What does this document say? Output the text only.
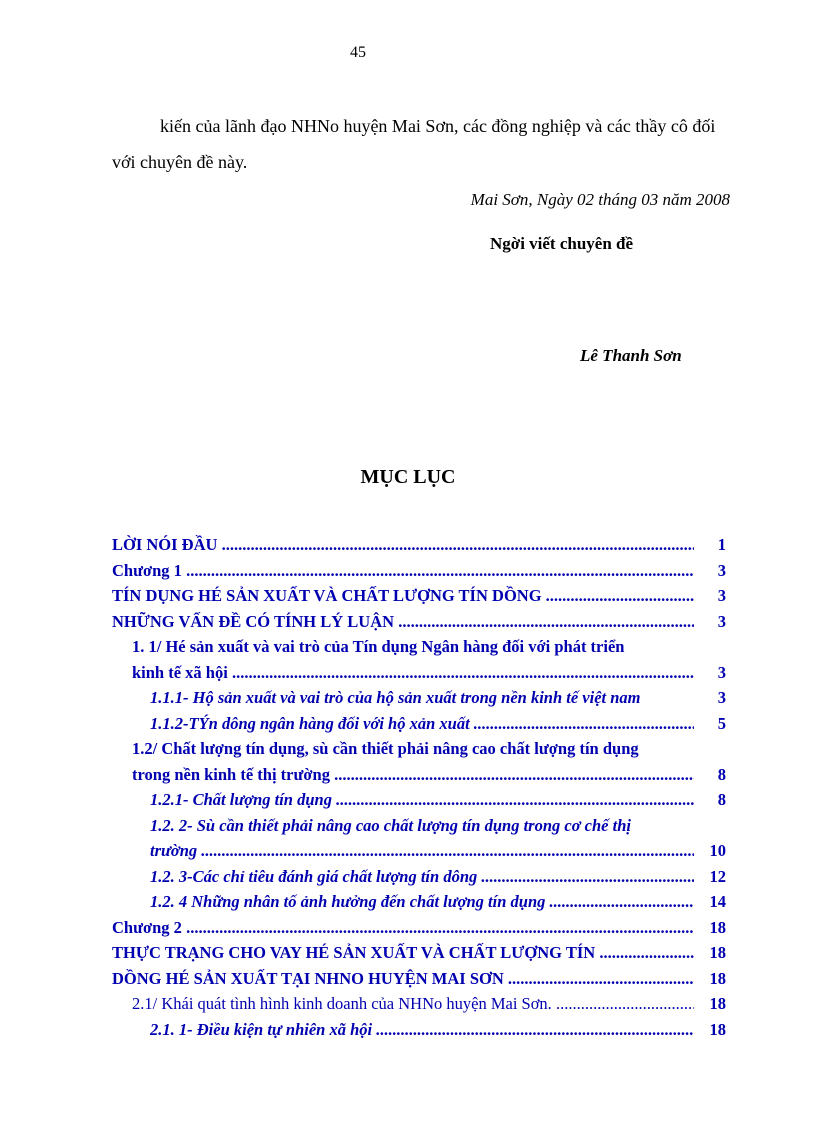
45
kiến của lãnh đạo NHNo huyện Mai Sơn, các đồng nghiệp và các thầy cô đối với chuyên đề này.
Mai Sơn, Ngày 02 tháng 03 năm 2008
Ngời viết chuyên đề
Lê Thanh Sơn
MỤC LỤC
LỜI NÓI ĐẦU .....	1
Chương 1 .....	3
TÍN DỤNG HÉ SẢN XUẤT VÀ CHẤT LƯỢNG TÍN DỒNG .....	3
NHỮNG VẤN ĐỀ CÓ TÍNH LÝ LUẬN .....	3
1. 1/ Hé sản xuất và vai trò của Tín dụng Ngân hàng đối với phát triển
kinh tế xã hội .....	3
1.1.1- Hộ sản xuất và vai trò của hộ sản xuất trong nền kinh tế việt nam	3
1.1.2-TÝn dông ngân hàng đối với hộ xản xuất .....	5
1.2/ Chất lượng tín dụng, sù cần thiết phải nâng cao chất lượng tín dụng
trong nền kinh tế thị trường .....	8
1.2.1- Chất lượng tín dụng .....	8
1.2. 2- Sù cần thiết phải nâng cao chất lượng tín dụng trong cơ chế thị
trường .....	10
1.2. 3-Các chỉ tiêu đánh giá chất lượng tín dông .....	12
1.2. 4 Những nhân tố ảnh hưởng đến chất lượng tín dụng .....	14
Chương 2 .....	18
THỰC TRẠNG CHO VAY HÉ SẢN XUẤT VÀ CHẤT LƯỢNG TÍN .....	18
DỒNG HÉ SẢN XUẤT TẠI NHNO HUYỆN MAI SƠN .....	18
2.1/ Khái quát tình hình kinh doanh của NHNo huyện Mai Sơn. .....	18
2.1. 1- Điều kiện tự nhiên xã hội .....	18
